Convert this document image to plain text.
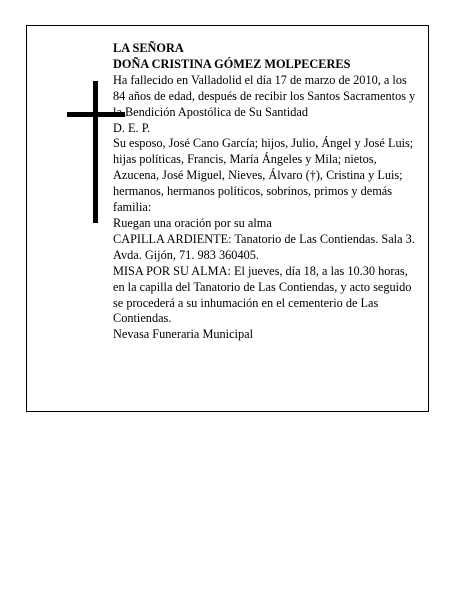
LA SEÑORA

DOÑA CRISTINA GÓMEZ MOLPECERES

Ha fallecido en Valladolid el día 17 de marzo de 2010, a los 84 años de edad, después de recibir los Santos Sacramentos y la Bendición Apostólica de Su Santidad

D. E. P.

Su esposo, José Cano García; hijos, Julio, Ángel y José Luis; hijas políticas, Francis, María Ángeles y Mila; nietos, Azucena, José Miguel, Nieves, Álvaro (†), Cristina y Luis; hermanos, hermanos políticos, sobrinos, primos y demás familia:

Ruegan una oración por su alma

CAPILLA ARDIENTE: Tanatorio de Las Contiendas. Sala 3. Avda. Gijón, 71. 983 360405.

MISA POR SU ALMA: El jueves, día 18, a las 10.30 horas, en la capilla del Tanatorio de Las Contiendas, y acto seguido se procederá a su inhumación en el cementerio de Las Contiendas.

Nevasa Funeraria Municipal
